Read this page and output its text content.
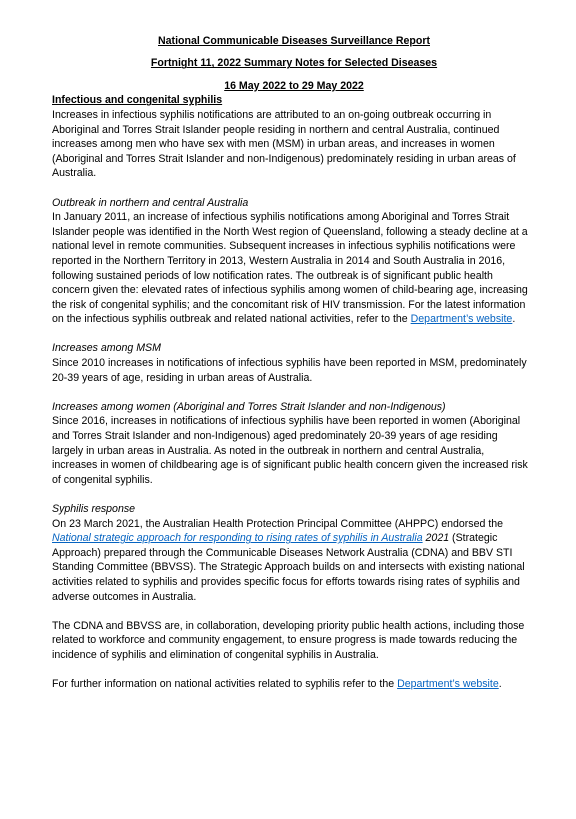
National Communicable Diseases Surveillance Report
Fortnight 11, 2022 Summary Notes for Selected Diseases
16 May 2022 to 29 May 2022
Infectious and congenital syphilis

Increases in infectious syphilis notifications are attributed to an on-going outbreak occurring in Aboriginal and Torres Strait Islander people residing in northern and central Australia, continued increases among men who have sex with men (MSM) in urban areas, and increases in women (Aboriginal and Torres Strait Islander and non-Indigenous) predominately residing in urban areas of Australia.

Outbreak in northern and central Australia

In January 2011, an increase of infectious syphilis notifications among Aboriginal and Torres Strait Islander people was identified in the North West region of Queensland, following a steady decline at a national level in remote communities. Subsequent increases in infectious syphilis notifications were reported in the Northern Territory in 2013, Western Australia in 2014 and South Australia in 2016, following sustained periods of low notification rates. The outbreak is of significant public health concern given the: elevated rates of infectious syphilis among women of child-bearing age, increasing the risk of congenital syphilis; and the concomitant risk of HIV transmission. For the latest information on the infectious syphilis outbreak and related national activities, refer to the Department’s website.

Increases among MSM

Since 2010 increases in notifications of infectious syphilis have been reported in MSM, predominately 20-39 years of age, residing in urban areas of Australia.

Increases among women (Aboriginal and Torres Strait Islander and non-Indigenous)

Since 2016, increases in notifications of infectious syphilis have been reported in women (Aboriginal and Torres Strait Islander and non-Indigenous) aged predominately 20-39 years of age residing largely in urban areas in Australia. As noted in the outbreak in northern and central Australia, increases in women of childbearing age is of significant public health concern given the increased risk of congenital syphilis.

Syphilis response

On 23 March 2021, the Australian Health Protection Principal Committee (AHPPC) endorsed the National strategic approach for responding to rising rates of syphilis in Australia 2021 (Strategic Approach) prepared through the Communicable Diseases Network Australia (CDNA) and BBV STI Standing Committee (BBVSS). The Strategic Approach builds on and intersects with existing national activities related to syphilis and provides specific focus for efforts towards rising rates of syphilis and adverse outcomes in Australia.

The CDNA and BBVSS are, in collaboration, developing priority public health actions, including those related to workforce and community engagement, to ensure progress is made towards reducing the incidence of syphilis and elimination of congenital syphilis in Australia.

For further information on national activities related to syphilis refer to the Department’s website.
